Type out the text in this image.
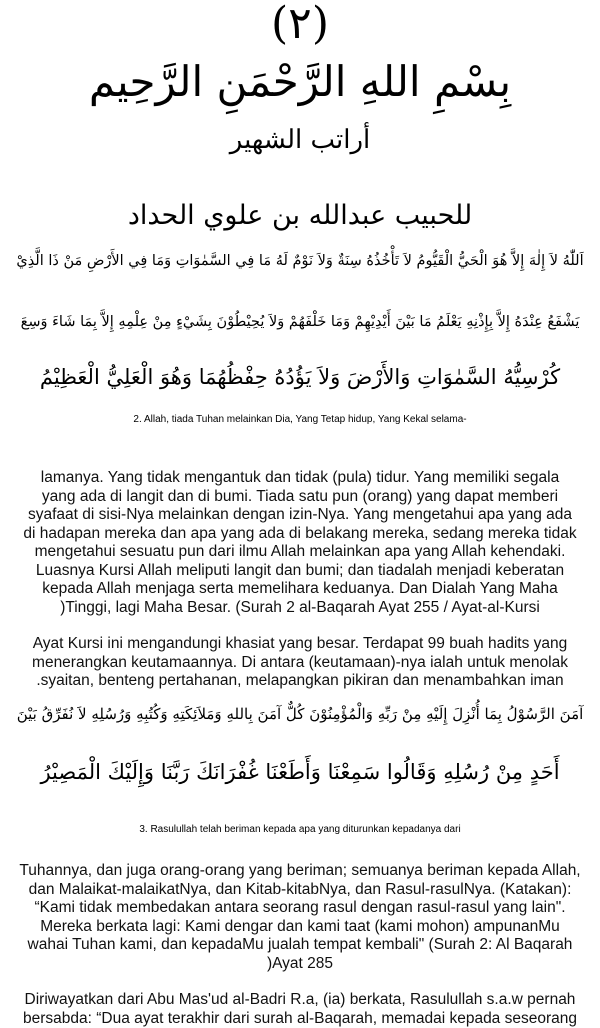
(٢)
بِسْمِ اللهِ الرَّحْمَنِ الرَّحِيم
أراتب الشهير
للحبيب عبدالله بن علوي الحداد
اَللّٰهُ لاَ إِلٰهَ إِلاَّ هُوَ الْحَيُّ الْقَيُّومُ لاَ تَأْخُذُهُ سِنَةٌ وَلاَ نَوْمٌ لَهُ مَا فِي السَّمٰوَاتِ وَمَا فِي الأَرْضِ مَنْ ذَا الَّذِيْ
يَشْفَعُ عِنْدَهُ إِلاَّ بِإِذْنِهِ يَعْلَمُ مَا بَيْنَ أَيْدِيْهِمْ وَمَا خَلْفَهُمْ وَلاَ يُحِيْطُوْنَ بِشَيْءٍ مِنْ عِلْمِهِ إِلاَّ بِمَا شَاءَ وَسِعَ
كُرْسِيُّهُ السَّمٰوَاتِ وَالأَرْضَ وَلاَ يَؤُدُهُ حِفْظُهُمَا وَهُوَ الْعَلِيُّ الْعَظِيْمُ
2. Allah, tiada Tuhan melainkan Dia, Yang Tetap hidup, Yang Kekal selama-
lamanya. Yang tidak mengantuk dan tidak (pula) tidur. Yang memiliki segala
yang ada di langit dan di bumi. Tiada satu pun (orang) yang dapat memberi
syafaat di sisi-Nya melainkan dengan izin-Nya. Yang mengetahui apa yang ada
di hadapan mereka dan apa yang ada di belakang mereka, sedang mereka tidak
mengetahui sesuatu pun dari ilmu Allah melainkan apa yang Allah kehendaki.
Luasnya Kursi Allah meliputi langit dan bumi; dan tiadalah menjadi keberatan
kepada Allah menjaga serta memelihara keduanya. Dan Dialah Yang Maha
)Tinggi, lagi Maha Besar. (Surah 2 al-Baqarah Ayat 255 / Ayat-al-Kursi
Ayat Kursi ini mengandungi khasiat yang besar. Terdapat 99 buah hadits yang
menerangkan keutamaannya. Di antara (keutamaan)-nya ialah untuk menolak
.syaitan, benteng pertahanan, melapangkan pikiran dan menambahkan iman
آمَنَ الرَّسُوْلُ بِمَا أُنْزِلَ إِلَيْهِ مِنْ رَبِّهِ وَالْمُؤْمِنُوْنَ كُلٌّ آمَنَ بِاللهِ وَمَلاَئِكَتِهِ وَكُتُبِهِ وَرُسُلِهِ لاَ نُفَرِّقُ بَيْنَ
أَحَدٍ مِنْ رُسُلِهِ وَقَالُوا سَمِعْنَا وَأَطَعْنَا غُفْرَانَكَ رَبَّنَا وَإِلَيْكَ الْمَصِيْرُ
3. Rasulullah telah beriman kepada apa yang diturunkan kepadanya dari
Tuhannya, dan juga orang-orang yang beriman; semuanya beriman kepada Allah,
dan Malaikat-malaikatNya, dan Kitab-kitabNya, dan Rasul-rasulNya. (Katakan):
“Kami tidak membedakan antara seorang rasul dengan rasul-rasul yang lain".
Mereka berkata lagi: Kami dengar dan kami taat (kami mohon) ampunanMu
wahai Tuhan kami, dan kepadaMu jualah tempat kembali" (Surah 2: Al Baqarah
)Ayat 285
Diriwayatkan dari Abu Mas'ud al-Badri R.a, (ia) berkata, Rasulullah s.a.w pernah
bersabda: “Dua ayat terakhir dari surah al-Baqarah, memadai kepada seseorang
